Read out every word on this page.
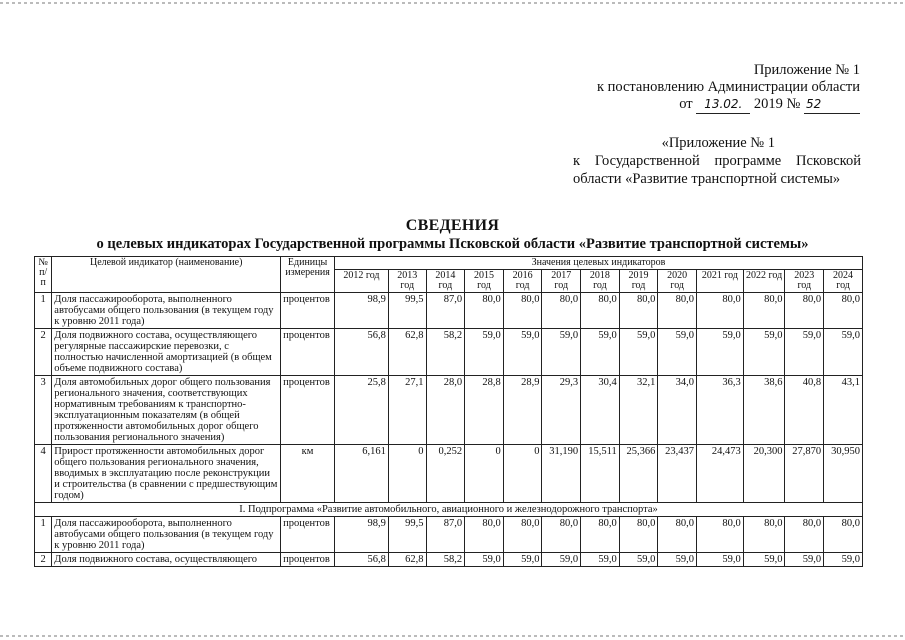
Приложение № 1
к постановлению Администрации области
от 13.02. 2019 № 52
«Приложение № 1
к Государственной программе Псковской
области «Развитие транспортной системы»
СВЕДЕНИЯ
о целевых индикаторах Государственной программы Псковской области «Развитие транспортной системы»
№ п/п	Целевой индикатор (наименование)	Единицы измерения	Значения целевых индикаторов												
			2012 год	2013 год	2014 год	2015 год	2016 год	2017 год	2018 год	2019 год	2020 год	2021 год	2022 год	2023 год	2024 год
1	Доля пассажирооборота, выполненного автобусами общего пользования (в текущем году к уровню 2011 года)	процентов	98,9	99,5	87,0	80,0	80,0	80,0	80,0	80,0	80,0	80,0	80,0	80,0	80,0
2	Доля подвижного состава, осуществляющего регулярные пассажирские перевозки, с полностью начисленной амортизацией (в общем объеме подвижного состава)	процентов	56,8	62,8	58,2	59,0	59,0	59,0	59,0	59,0	59,0	59,0	59,0	59,0	59,0
3	Доля автомобильных дорог общего пользования регионального значения, соответствующих нормативным требованиям к транспортно-эксплуатационным показателям (в общей протяженности автомобильных дорог общего пользования регионального значения)	процентов	25,8	27,1	28,0	28,8	28,9	29,3	30,4	32,1	34,0	36,3	38,6	40,8	43,1
4	Прирост протяженности автомобильных дорог общего пользования регионального значения, вводимых в эксплуатацию после реконструкции и строительства (в сравнении с предшествующим годом)	км	6,161	0	0,252	0	0	31,190	15,511	25,366	23,437	24,473	20,300	27,870	30,950
I. Подпрограмма «Развитие автомобильного, авиационного и железнодорожного транспорта»															
1	Доля пассажирооборота, выполненного автобусами общего пользования (в текущем году к уровню 2011 года)	процентов	98,9	99,5	87,0	80,0	80,0	80,0	80,0	80,0	80,0	80,0	80,0	80,0	80,0
2	Доля подвижного состава, осуществляющего	процентов	56,8	62,8	58,2	59,0	59,0	59,0	59,0	59,0	59,0	59,0	59,0	59,0	59,0
